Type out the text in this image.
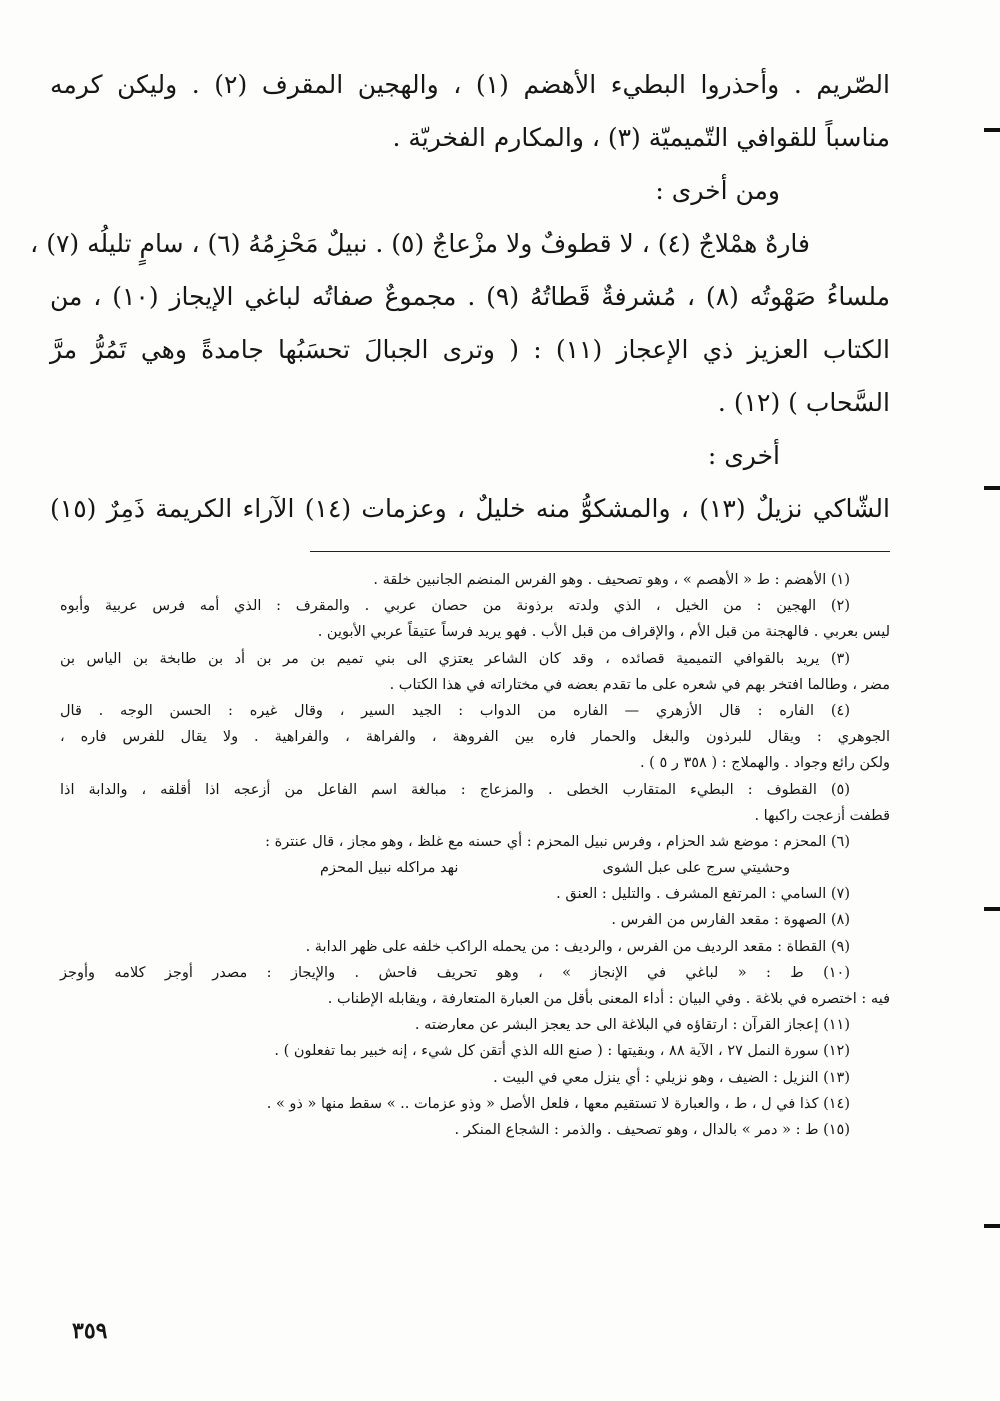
الصّريم . وأحذروا البطيء الأهضم (١) ، والهجين المقرف (٢) . وليكن كرمه
مناسباً للقوافي التّميميّة (٣) ، والمكارم الفخريّة .
ومن أخرى :
فارهٌ همْلاجٌ (٤) ، لا قطوفٌ ولا مزْعاجٌ (٥) . نبيلٌ مَحْزِمُهُ (٦) ، سامٍ تليلُه (٧) ،
ملساءُ صَهْوتُه (٨) ، مُشرفةٌ قَطاتُهُ (٩) . مجموعٌ صفاتُه لباغي الإيجاز (١٠) ، من
الكتاب العزيز ذي الإعجاز (١١) : ( وترى الجبالَ تحسَبُها جامدةً وهي تَمُرُّ مرَّ
السَّحاب ) (١٢) .
أخرى :
الشّاكي نزيلٌ (١٣) ، والمشكوُّ منه خليلٌ ، وعزمات (١٤) الآراء الكريمة ذَمِرٌ (١٥)
(١) الأهضم : ط « الأهصم » ، وهو تصحيف . وهو الفرس المنضم الجانبين خلقة .
(٢) الهجين : من الخيل ، الذي ولدته برذونة من حصان عربي . والمقرف : الذي أمه فرس عربية وأبوه
ليس بعربي . فالهجنة من قبل الأم ، والإقراف من قبل الأب . فهو يريد فرساً عتيقاً عربي الأبوين .
(٣) يريد بالقوافي التميمية قصائده ، وقد كان الشاعر يعتزي الى بني تميم بن مر بن أد بن طابخة بن الياس بن
مضر ، وطالما افتخر بهم في شعره على ما تقدم بعضه في مختاراته في هذا الكتاب .
(٤) الفاره : قال الأزهري — الفاره من الدواب : الجيد السير ، وقال غيره : الحسن الوجه . قال
الجوهري : ويقال للبرذون والبغل والحمار فاره بين الفروهة ، والفراهة ، والفراهية . ولا يقال للفرس فاره ،
ولكن رائع وجواد . والهملاج : ( ٣٥٨ ر ٥ ) .
(٥) القطوف : البطيء المتقارب الخطى . والمزعاج : مبالغة اسم الفاعل من أزعجه اذا أقلقه ، والدابة اذا
قطفت أزعجت راكبها .
(٦) المحزم : موضع شد الحزام ، وفرس نبيل المحزم : أي حسنه مع غلظ ، وهو مجاز ، قال عنترة :
وحشيتي سرج على عبل الشوى
نهد مراكله نبيل المحزم
(٧) السامي : المرتفع المشرف . والتليل : العنق .
(٨) الصهوة : مقعد الفارس من الفرس .
(٩) القطاة : مقعد الرديف من الفرس ، والرديف : من يحمله الراكب خلفه على ظهر الدابة .
(١٠) ط : « لباغي في الإنجاز » ، وهو تحريف فاحش . والإيجاز : مصدر أوجز كلامه وأوجز
فيه : اختصره في بلاغة . وفي البيان : أداء المعنى بأقل من العبارة المتعارفة ، ويقابله الإطناب .
(١١) إعجاز القرآن : ارتقاؤه في البلاغة الى حد يعجز البشر عن معارضته .
(١٢) سورة النمل ٢٧ ، الآية ٨٨ ، وبقيتها : ( صنع الله الذي أتقن كل شيء ، إنه خبير بما تفعلون ) .
(١٣) النزيل : الضيف ، وهو نزيلي : أي ينزل معي في البيت .
(١٤) كذا في ل ، ط ، والعبارة لا تستقيم معها ، فلعل الأصل « وذو عزمات .. » سقط منها « ذو » .
(١٥) ط : « دمر » بالدال ، وهو تصحيف . والذمر : الشجاع المنكر .
٣٥٩
